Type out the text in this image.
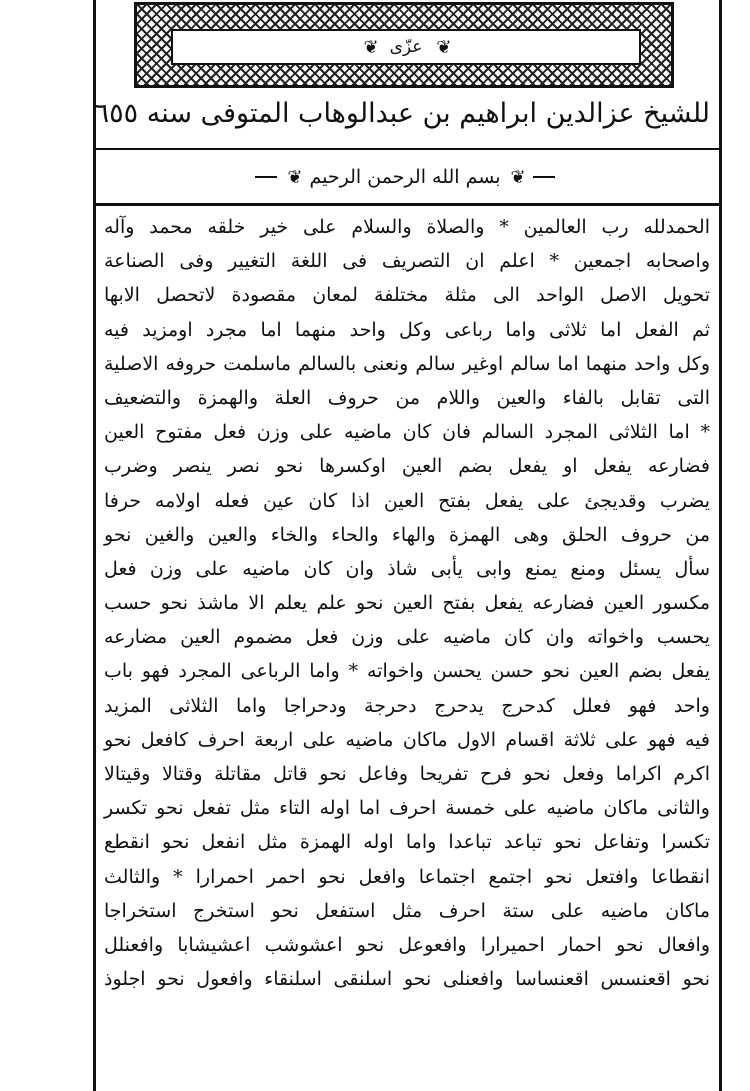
❦ عزّى ❦
للشيخ عزالدين ابراهيم بن عبدالوهاب المتوفى سنه ٦٥٥
❦
بسم الله الرحمن الرحيم
❦
الحمدلله رب العالمين * والصلاة والسلام على خير خلقه محمد وآله
واصحابه اجمعين * اعلم ان التصريف فى اللغة التغيير وفى الصناعة
تحويل الاصل الواحد الى مثلة مختلفة لمعان مقصودة لاتحصل الابها
ثم الفعل اما ثلاثى واما رباعى وكل واحد منهما اما مجرد اومزيد فيه
وكل واحد منهما اما سالم اوغير سالم ونعنى بالسالم ماسلمت حروفه الاصلية
التى تقابل بالفاء والعين واللام من حروف العلة والهمزة والتضعيف
* اما الثلاثى المجرد السالم فان كان ماضيه على وزن فعل مفتوح العين
فضارعه يفعل او يفعل بضم العين اوكسرها نحو نصر ينصر وضرب
يضرب وقديجئ على يفعل بفتح العين اذا كان عين فعله اولامه حرفا
من حروف الحلق وهى الهمزة والهاء والحاء والخاء والعين والغين نحو
سأل يسئل ومنع يمنع وابى يأبى شاذ وان كان ماضيه على وزن فعل
مكسور العين فضارعه يفعل بفتح العين نحو علم يعلم الا ماشذ نحو حسب
يحسب واخواته وان كان ماضيه على وزن فعل مضموم العين مضارعه
يفعل بضم العين نحو حسن يحسن واخواته * واما الرباعى المجرد فهو باب
واحد فهو فعلل كدحرج يدحرج دحرجة ودحراجا واما الثلاثى المزيد
فيه فهو على ثلاثة اقسام الاول ماكان ماضيه على اربعة احرف كافعل نحو
اكرم اكراما وفعل نحو فرح تفريحا وفاعل نحو قاتل مقاتلة وقتالا وقيتالا
والثانى ماكان ماضيه على خمسة احرف اما اوله التاء مثل تفعل نحو تكسر
تكسرا وتفاعل نحو تباعد تباعدا واما اوله الهمزة مثل انفعل نحو انقطع
انقطاعا وافتعل نحو اجتمع اجتماعا وافعل نحو احمر احمرارا * والثالث
ماكان ماضيه على ستة احرف مثل استفعل نحو استخرج استخراجا
وافعال نحو احمار احميرارا وافعوعل نحو اعشوشب اعشيشابا وافعنلل
نحو اقعنسس اقعنساسا وافعنلى نحو اسلنقى اسلنقاء وافعول نحو اجلوذ
